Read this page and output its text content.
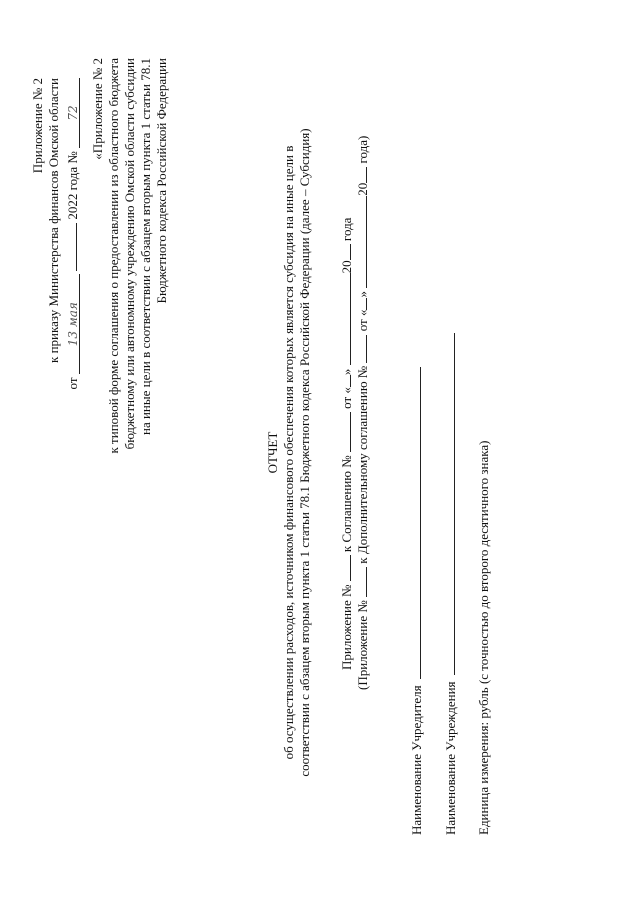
Приложение № 2 к приказу Министерства финансов Омской области
от 13 мая  2022 года № 72 «Приложение № 2 к типовой форме соглашения о предоставлении из областного бюджета бюджетному или автономному учреждению Омской области субсидии на иные цели в соответствии с абзацем вторым пункта 1 статьи 78.1 Бюджетного кодекса Российской Федерации
ОТЧЕТ об осуществлении расходов, источником финансового обеспечения которых является субсидия на иные цели в соответствии с абзацем вторым пункта 1 статьи 78.1 Бюджетного кодекса Российской Федерации (далее – Субсидия) Приложение №  к Соглашению №  от «» 20 года
(Приложение №  к Дополнительному соглашению №  от «» 20 года)
Наименование Учредителя Наименование Учреждения Единица измерения: рубль (с точностью до второго десятичного знака)
